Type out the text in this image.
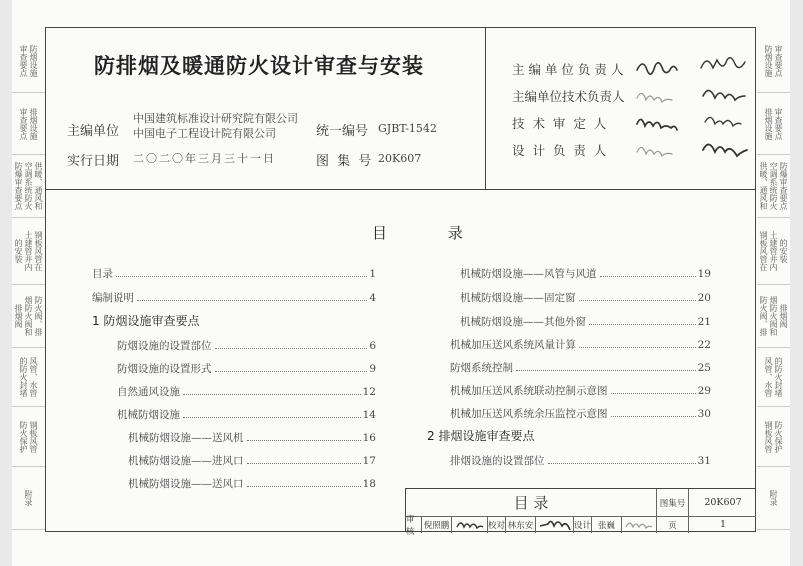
防烟设施
审查要点
排烟设施
审查要点
供暖、通风和
空调系统防火
防爆审查要点
钢板风管在
土建管井内
的安装
防火阀、排
烟防火阀和
排烟阀
风管、水管
的防火封堵
钢板风管
防火保护
附录
防烟设施 审查要点
排烟设施 审查要点
供暖、通风和 空调系统防火 防爆审查要点
钢板风管在 土建管井内 的安装
防火阀、排 烟防火阀和 排烟阀
风管、水管 的防火封堵
钢板风管 防火保护
附录
防排烟及暖通防火设计审查与安装
主编单位
中国建筑标准设计研究院有限公司
中国电子工程设计院有限公司	统一编号 GJBT-1542
实行日期 二〇二〇年三月三十一日	图 集 号 20K607
主 编 单 位 负 责 人
主编单位技术负责人
技  术  审  定  人
设  计  负  责  人
目 录
目录	1
编制说明	4
1 防烟设施审查要点
防烟设施的设置部位	6
防烟设施的设置形式	9
自然通风设施	12
机械防烟设施	14
机械防烟设施——送风机	16
机械防烟设施——进风口	17
机械防烟设施——送风口	18
机械防烟设施——风管与风道	19
机械防烟设施——固定窗	20
机械防烟设施——其他外窗	21
机械加压送风系统风量计算	22
防烟系统控制	25
机械加压送风系统联动控制示意图	29
机械加压送风系统余压监控示意图	30
2 排烟设施审查要点
排烟设施的设置部位	31
目 录	图集号	20K607
审核
倪照鹏	校对 林东安	设计 张巍	页	1
